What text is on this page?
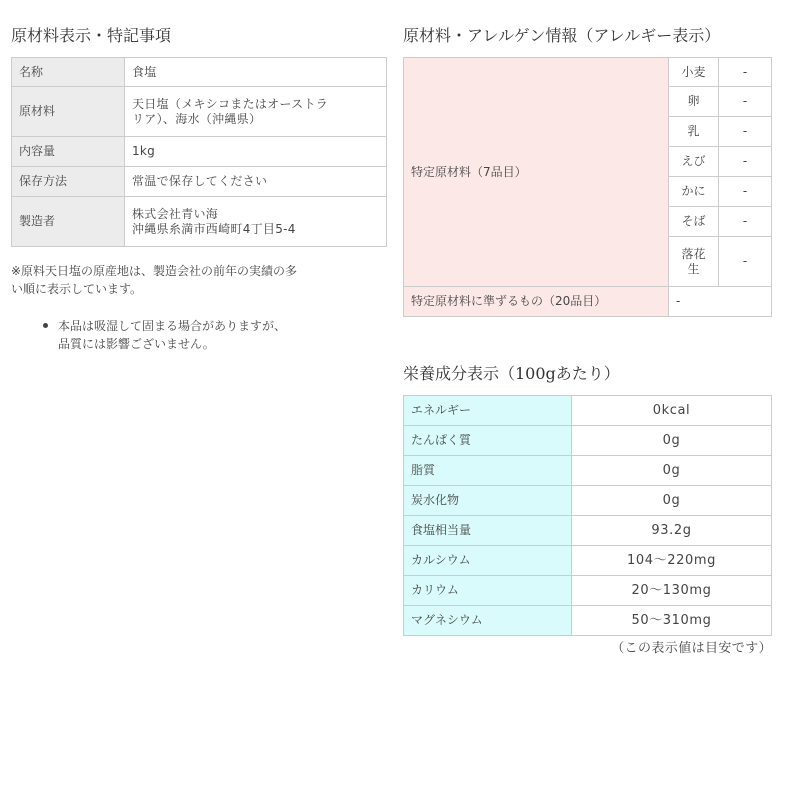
原材料表示・特記事項
名称	食塩
原材料	天日塩（メキシコまたはオーストラ
リア）、海水（沖縄県）

内容量	1kg
保存方法	常温で保存してください
製造者	株式会社青い海
沖縄県糸満市西崎町4丁目5-4
※原料天日塩の原産地は、製造会社の前年の実績の多
い順に表示しています。
本品は吸湿して固まる場合がありますが、
品質には影響ございません。
原材料・アレルゲン情報（アレルギー表示）
特定原材料（7品目）	小麦	-
	卵	-
	乳	-
	えび	-
	かに	-
	そば	-

	落花
生	-
特定原材料に準ずるもの（20品目）	-	
栄養成分表示（100gあたり）
エネルギー	0kcal
たんぱく質	0g
脂質	0g
炭水化物	0g
食塩相当量	93.2g
カルシウム	104～220mg
カリウム	20～130mg
マグネシウム	50～310mg
（この表示値は目安です）
